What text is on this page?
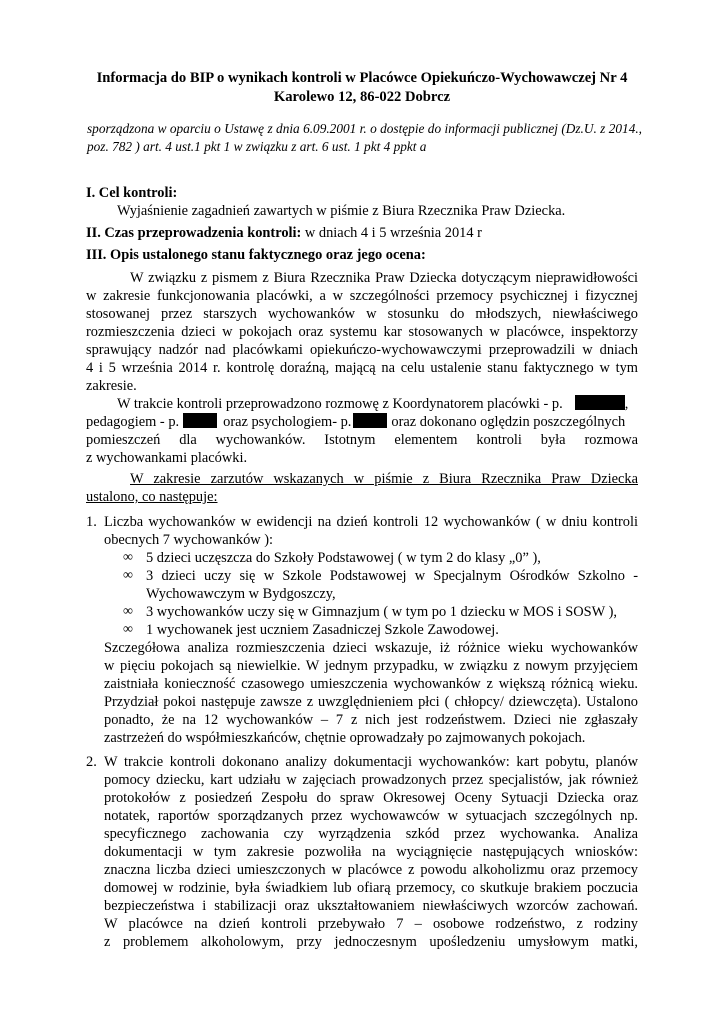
Informacja do BIP o wynikach kontroli w Placówce Opiekuńczo-Wychowawczej Nr 4
Karolewo 12, 86-022 Dobrcz
sporządzona w oparciu o Ustawę z dnia 6.09.2001 r. o dostępie do informacji publicznej (Dz.U. z 2014., poz. 782 ) art. 4 ust.1 pkt 1 w związku z art. 6 ust. 1 pkt 4 ppkt a
I. Cel kontroli:
Wyjaśnienie zagadnień zawartych w piśmie z Biura Rzecznika Praw Dziecka.
II. Czas przeprowadzenia kontroli: w dniach 4 i 5 września 2014 r
III. Opis ustalonego stanu faktycznego oraz jego ocena:
W związku z pismem z Biura Rzecznika Praw Dziecka dotyczącym nieprawidłowości
w zakresie funkcjonowania placówki, a w szczególności przemocy psychicznej i fizycznej
stosowanej przez starszych wychowanków w stosunku do młodszych, niewłaściwego
rozmieszczenia dzieci w pokojach oraz systemu kar stosowanych w placówce, inspektorzy
sprawujący nadzór nad placówkami opiekuńczo-wychowawczymi przeprowadzili w dniach
4 i 5 września 2014 r. kontrolę doraźną, mającą na celu ustalenie stanu faktycznego w tym
zakresie.
W trakcie kontroli przeprowadzono rozmowę z Koordynatorem placówki - p.	,
pedagogiem - p.	oraz psychologiem- p.	oraz dokonano oględzin poszczególnych
pomieszczeń dla wychowanków. Istotnym elementem kontroli była rozmowa
z wychowankami placówki.
W zakresie zarzutów wskazanych w piśmie z Biura Rzecznika Praw Dziecka
ustalono, co następuje:
1. Liczba wychowanków w ewidencji na dzień kontroli 12 wychowanków ( w dniu kontroli
obecnych 7 wychowanków ):
∞ 5 dzieci uczęszcza do Szkoły Podstawowej ( w tym 2 do klasy „0” ),
∞ 3 dzieci uczy się w Szkole Podstawowej w Specjalnym Ośrodków Szkolno -
Wychowawczym w Bydgoszczy,
∞ 3 wychowanków uczy się w Gimnazjum ( w tym po 1 dziecku w MOS i SOSW ),
∞ 1 wychowanek jest uczniem Zasadniczej Szkole Zawodowej.
Szczegółowa analiza rozmieszczenia dzieci wskazuje, iż różnice wieku wychowanków
w pięciu pokojach są niewielkie. W jednym przypadku, w związku z nowym przyjęciem
zaistniała konieczność czasowego umieszczenia wychowanków z większą różnicą wieku.
Przydział pokoi następuje zawsze z uwzględnieniem płci ( chłopcy/ dziewczęta). Ustalono
ponadto, że na 12 wychowanków – 7 z nich jest rodzeństwem. Dzieci nie zgłaszały
zastrzeżeń do współmieszkańców, chętnie oprowadzały po zajmowanych pokojach.
2. W trakcie kontroli dokonano analizy dokumentacji wychowanków: kart pobytu, planów
pomocy dziecku, kart udziału w zajęciach prowadzonych przez specjalistów, jak również
protokołów z posiedzeń Zespołu do spraw Okresowej Oceny Sytuacji Dziecka oraz
notatek, raportów sporządzanych przez wychowawców w sytuacjach szczególnych np.
specyficznego zachowania czy wyrządzenia szkód przez wychowanka. Analiza
dokumentacji w tym zakresie pozwoliła na wyciągnięcie następujących wniosków:
znaczna liczba dzieci umieszczonych w placówce z powodu alkoholizmu oraz przemocy
domowej w rodzinie, była świadkiem lub ofiarą przemocy, co skutkuje brakiem poczucia
bezpieczeństwa i stabilizacji oraz ukształtowaniem niewłaściwych wzorców zachowań.
W placówce na dzień kontroli przebywało 7 – osobowe rodzeństwo, z rodziny
z problemem alkoholowym, przy jednoczesnym upośledzeniu umysłowym matki,
